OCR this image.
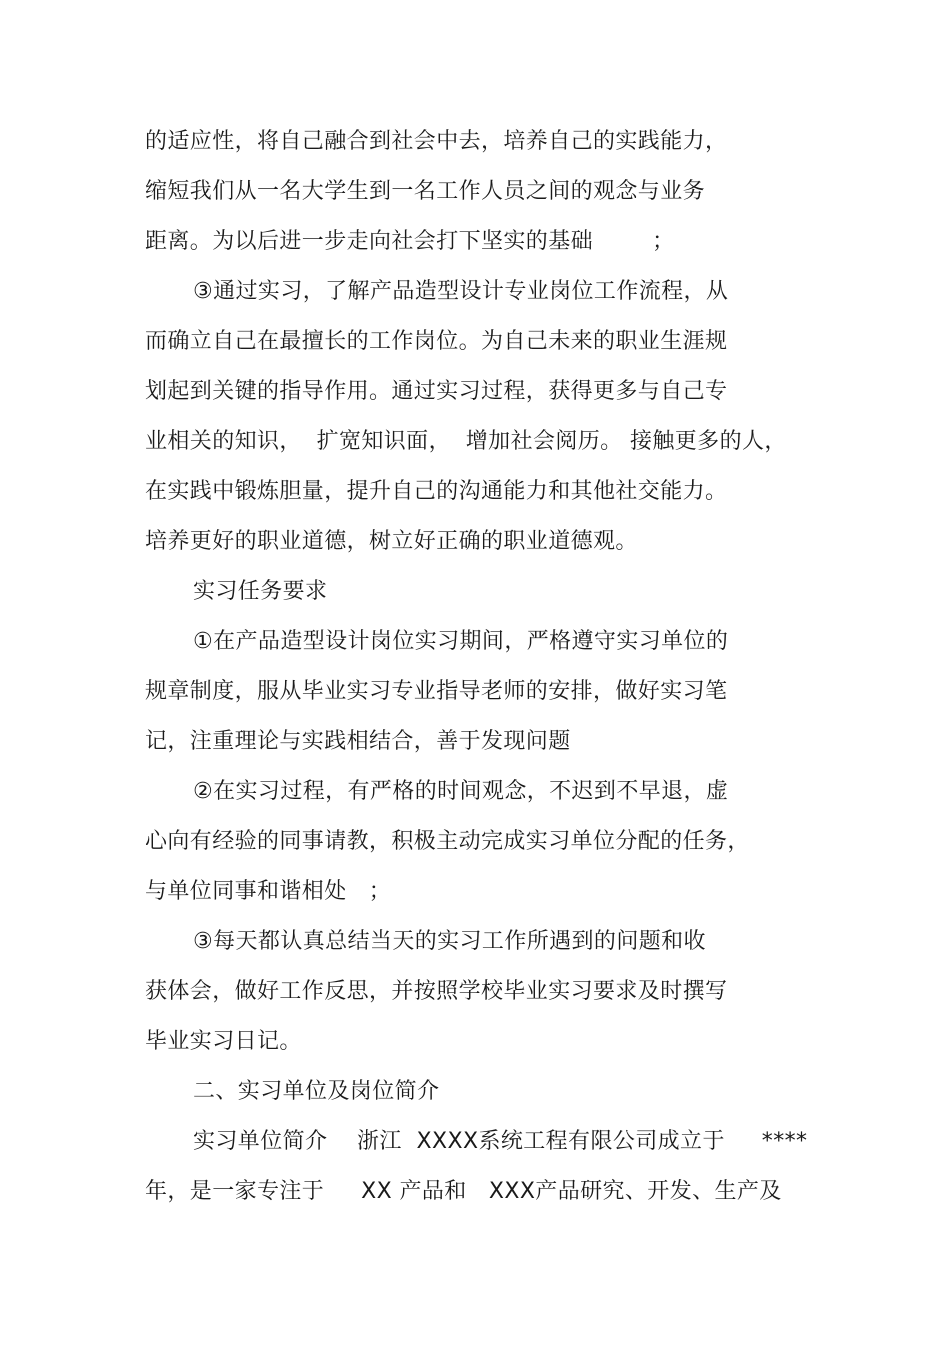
的适应性，将自己融合到社会中去，培养自己的实践能力，
缩短我们从一名大学生到一名工作人员之间的观念与业务
距离。为以后进一步走向社会打下坚实的基础        ；
③通过实习，了解产品造型设计专业岗位工作流程，从
而确立自己在最擅长的工作岗位。为自己未来的职业生涯规
划起到关键的指导作用。通过实习过程，获得更多与自己专
业相关的知识，  扩宽知识面，  增加社会阅历。 接触更多的人，
在实践中锻炼胆量，提升自己的沟通能力和其他社交能力。
培养更好的职业道德，树立好正确的职业道德观。
实习任务要求
①在产品造型设计岗位实习期间，严格遵守实习单位的
规章制度，服从毕业实习专业指导老师的安排，做好实习笔
记，注重理论与实践相结合，善于发现问题
②在实习过程，有严格的时间观念，不迟到不早退，虚
心向有经验的同事请教，积极主动完成实习单位分配的任务，
与单位同事和谐相处   ；
③每天都认真总结当天的实习工作所遇到的问题和收
获体会，做好工作反思，并按照学校毕业实习要求及时撰写
毕业实习日记。
二、实习单位及岗位简介
实习单位简介    浙江  XXXX系统工程有限公司成立于     ****
年，是一家专注于     XX 产品和   XXX产品研究、开发、生产及
